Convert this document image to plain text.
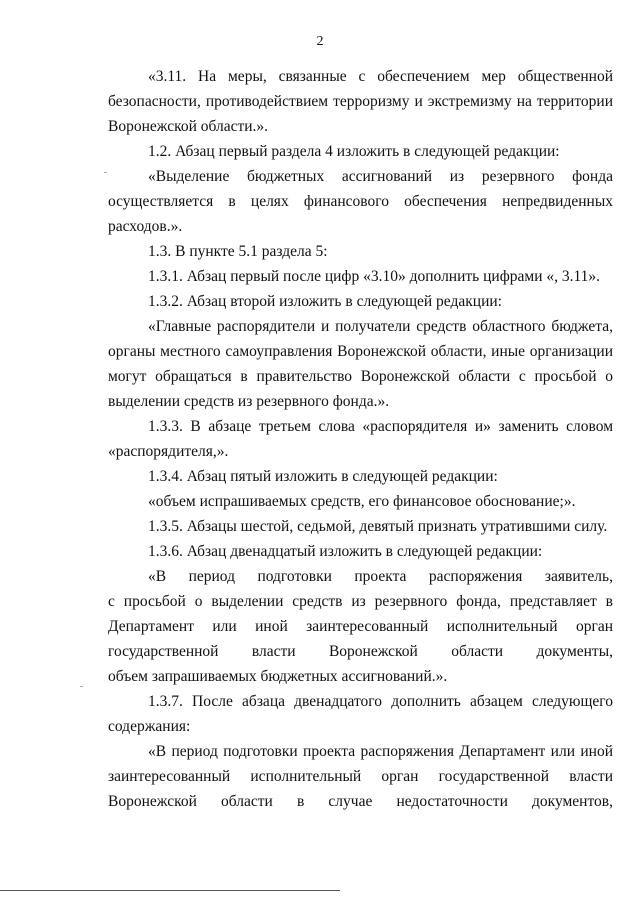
2
«3.11. На меры, связанные с обеспечением мер общественной
безопасности, противодействием терроризму и экстремизму на территории
Воронежской области.».
1.2. Абзац первый раздела 4 изложить в следующей редакции:
«Выделение бюджетных ассигнований из резервного фонда
осуществляется в целях финансового обеспечения непредвиденных
расходов.».
1.3. В пункте 5.1 раздела 5:
1.3.1. Абзац первый после цифр «3.10» дополнить цифрами «, 3.11».
1.3.2. Абзац второй изложить в следующей редакции:
«Главные распорядители и получатели средств областного бюджета,
органы местного самоуправления Воронежской области, иные организации
могут обращаться в правительство Воронежской области с просьбой о
выделении средств из резервного фонда.».
1.3.3. В абзаце третьем слова «распорядителя и» заменить словом
«распорядителя,».
1.3.4. Абзац пятый изложить в следующей редакции:
«объем испрашиваемых средств, его финансовое обоснование;».
1.3.5. Абзацы шестой, седьмой, девятый признать утратившими силу.
1.3.6. Абзац двенадцатый изложить в следующей редакции:
«В период подготовки проекта распоряжения заявитель,
с просьбой о выделении средств из резервного фонда, представляет в
Департамент или иной заинтересованный исполнительный орган
государственной власти Воронежской области документы,
объем запрашиваемых бюджетных ассигнований.».
1.3.7. После абзаца двенадцатого дополнить абзацем следующего
содержания:
«В период подготовки проекта распоряжения Департамент или иной
заинтересованный исполнительный орган государственной власти
Воронежской области в случае недостаточности документов,
